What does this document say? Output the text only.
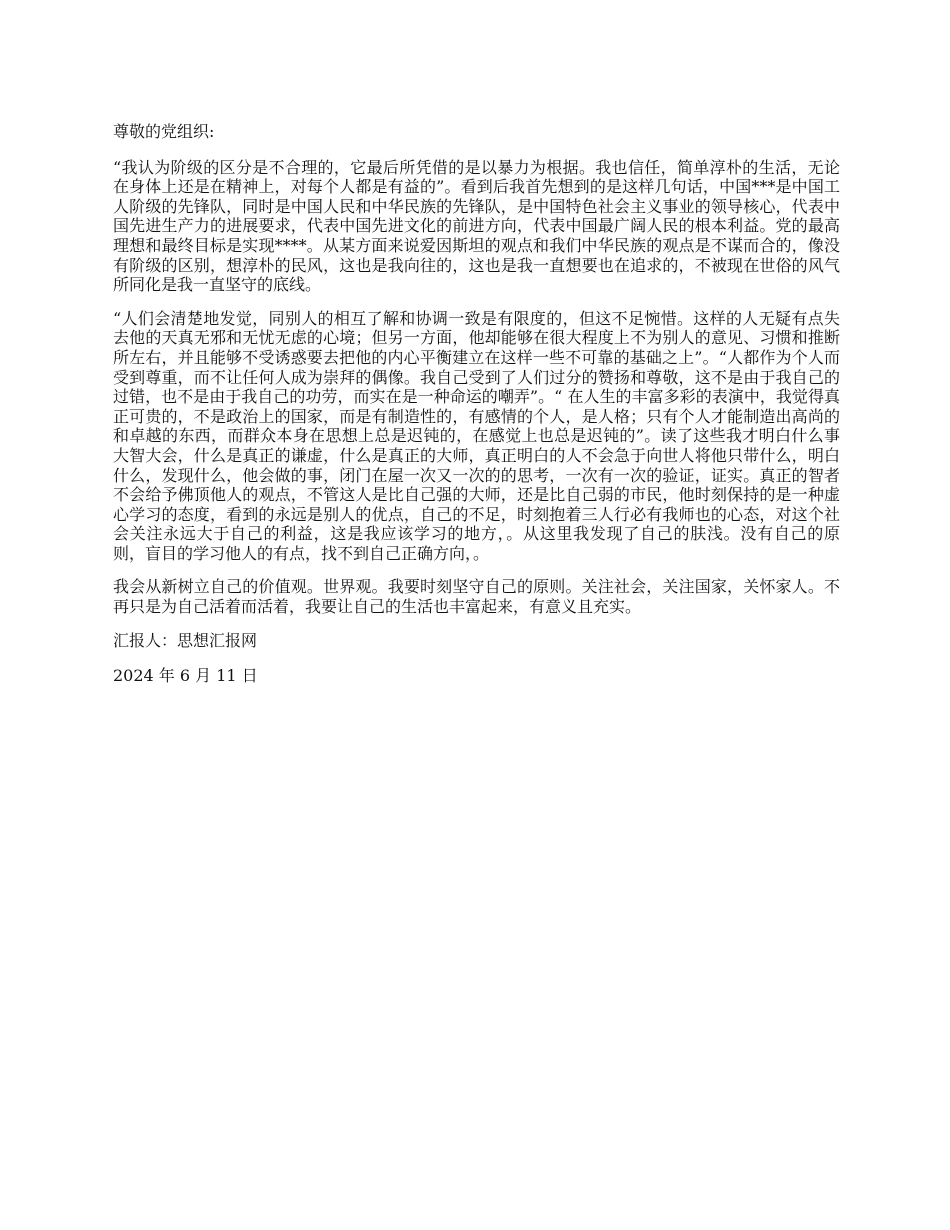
尊敬的党组织:

“我认为阶级的区分是不合理的，它最后所凭借的是以暴力为根据。我也信任，简单淳朴的生活，无论在身体上还是在精神上，对每个人都是有益的”。看到后我首先想到的是这样几句话，中国***是中国工人阶级的先锋队，同时是中国人民和中华民族的先锋队，是中国特色社会主义事业的领导核心，代表中国先进生产力的进展要求，代表中国先进文化的前进方向，代表中国最广阔人民的根本利益。党的最高理想和最终目标是实现****。从某方面来说爱因斯坦的观点和我们中华民族的观点是不谋而合的，像没有阶级的区别，想淳朴的民风，这也是我向往的，这也是我一直想要也在追求的，不被现在世俗的风气所同化是我一直坚守的底线。

“人们会清楚地发觉，同别人的相互了解和协调一致是有限度的，但这不足惋惜。这样的人无疑有点失去他的天真无邪和无忧无虑的心境；但另一方面，他却能够在很大程度上不为别人的意见、习惯和推断所左右，并且能够不受诱惑要去把他的内心平衡建立在这样一些不可靠的基础之上”。“人都作为个人而受到尊重，而不让任何人成为崇拜的偶像。我自己受到了人们过分的赞扬和尊敬，这不是由于我自己的过错，也不是由于我自己的功劳，而实在是一种命运的嘲弄”。“ 在人生的丰富多彩的表演中，我觉得真正可贵的，不是政治上的国家，而是有制造性的，有感情的个人，是人格；只有个人才能制造出高尚的和卓越的东西，而群众本身在思想上总是迟钝的，在感觉上也总是迟钝的”。读了这些我才明白什么事大智大会，什么是真正的谦虚，什么是真正的大师，真正明白的人不会急于向世人将他只带什么，明白什么，发现什么，他会做的事，闭门在屋一次又一次的的思考，一次有一次的验证，证实。真正的智者不会给予佛顶他人的观点，不管这人是比自己强的大师，还是比自己弱的市民，他时刻保持的是一种虚心学习的态度，看到的永远是别人的优点，自己的不足，时刻抱着三人行必有我师也的心态，对这个社会关注永远大于自己的利益，这是我应该学习的地方，。从这里我发现了自己的肤浅。没有自己的原则，盲目的学习他人的有点，找不到自己正确方向，。

我会从新树立自己的价值观。世界观。我要时刻坚守自己的原则。关注社会，关注国家，关怀家人。不再只是为自己活着而活着，我要让自己的生活也丰富起来，有意义且充实。

汇报人：思想汇报网

2024 年 6 月 11 日
